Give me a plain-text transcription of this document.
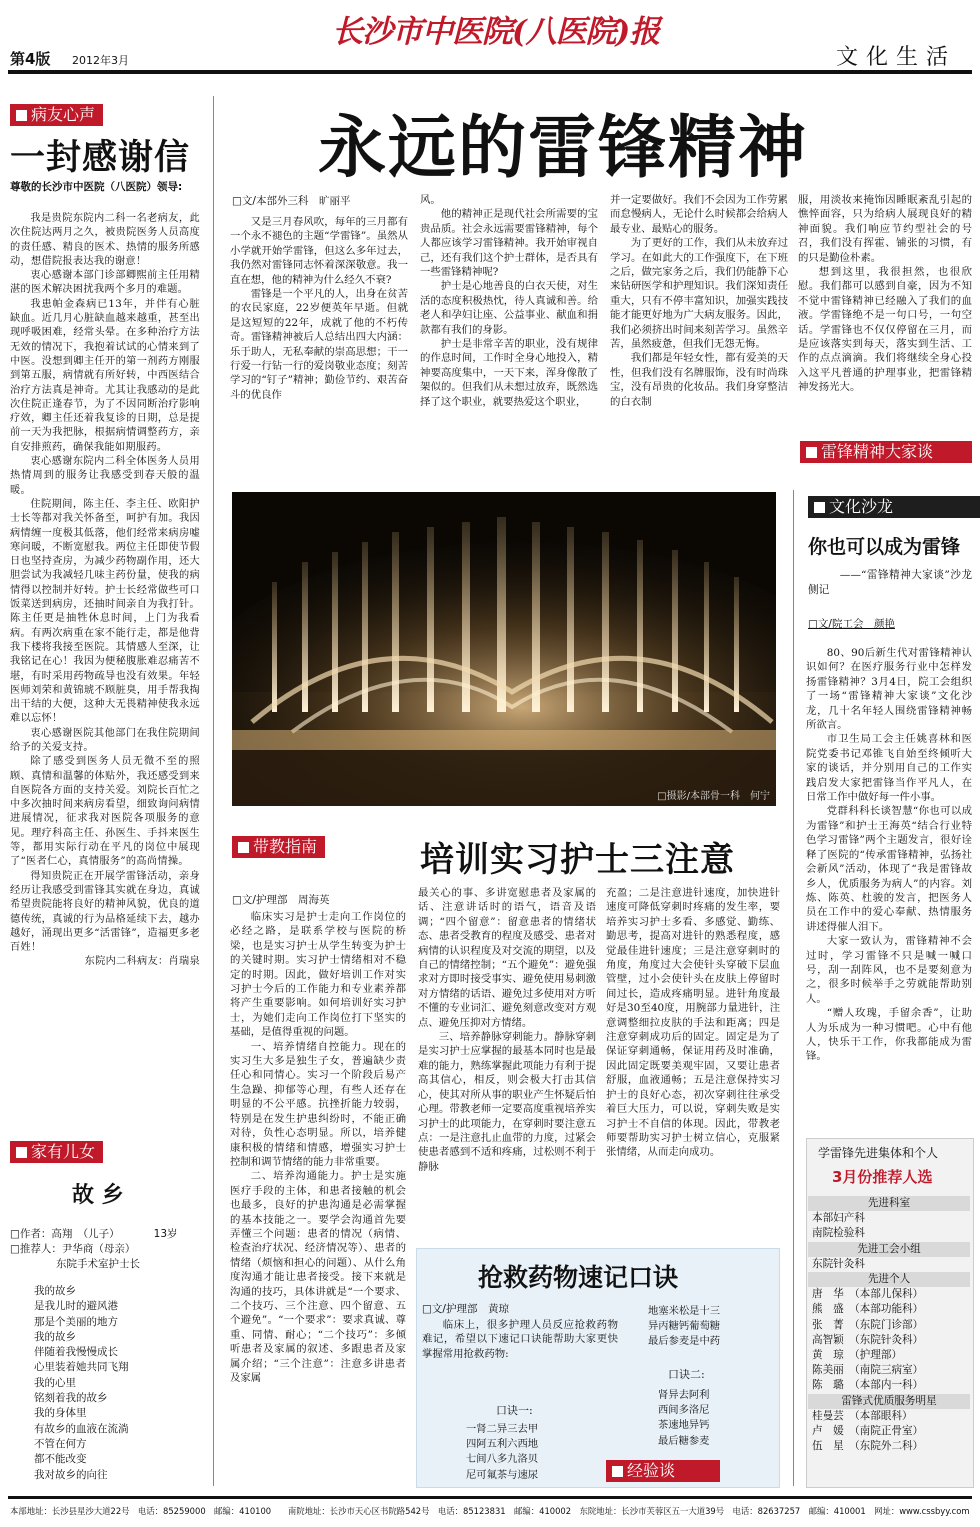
第4版 2012年3月
长沙市中医院(八医院)报
文化生活
病友心声
一封感谢信

尊敬的长沙市中医院（八医院）领导:

我是贵院东院内二科一名老病友，此次住院达两月之久，被贵院医务人员高度的责任感、精良的医术、热情的服务所感动，想借院报表达我的谢意！

衷心感谢本部门诊部卿熙前主任用精湛的医术解决困扰我两个多月的难题。

我患帕金森病已13年，并伴有心脏缺血。近几月心脏缺血越来越重，甚至出现呼吸困难，经常头晕。在多种治疗方法无效的情况下，我抱着试试的心情来到了中医。没想到卿主任开的第一剂药方刚服到第五服，病情就有所好转，中西医结合治疗方法真是神奇。尤其让我感动的是此次住院正逢春节，为了不因同断治疗影响疗效，卿主任还着我复诊的日期，总是提前一天为我把脉，根据病情调整药方，亲自安排煎药，确保我能如期服药。

衷心感谢东院内二科全体医务人员用热情周到的服务让我感受到春天般的温暖。

住院期间，陈主任、李主任、欧阳护士长等都对我关怀备至，呵护有加。我因病情缠一度极其低落，他们经常来病房嘘寒问暖，不断宽慰我。两位主任即使节假日也坚持查房，为减少药物副作用，还大胆尝试为我减轻几味主药份量，使我的病情得以控制并好转。护士长经常做些可口饭菜送到病房，还抽时间亲自为我打针。陈主任更是抽牲休息时间，上门为我看病。有两次病重在家不能行走，都是他背我下楼将我接至医院。其情感人至深，让我铭记在心！我因为便秘腹胀难忍痛苦不堪，有时采用药物疏导也没有效果。年轻医师刘荣和黄锦琥不顾脏臭，用手帮我掏出干结的大便，这种大无畏精神使我永远难以忘怀！

衷心感谢医院其他部门在我住院期间给予的关爱支持。

除了感受到医务人员无微不至的照顾、真情和温馨的体贴外，我还感受到来自医院各方面的支持关爱。刘院长百忙之中多次抽时间来病房看望，细致询问病情进展情况，征求我对医院各项服务的意见。理疗科高主任、孙医生、手抖来医生等，都用实际行动在平凡的岗位中展现了“医者仁心，真情服务”的高尚情操。

得知贵院正在开展学雷锋活动，亲身经历让我感受到雷锋其实就在身边，真诚希望贵院能将良好的精神风貌，优良的道德传统，真诚的行为品格延续下去，越办越好，涌现出更多“活雷锋”，造福更多老百姓！

东院内二科病友：肖瑞泉

家有儿女
故 乡
□作者：高翔　（儿子）	13岁
□推荐人：尹华商（母亲）
东院手术室护士长
我的故乡
是我儿时的避风港
那是个美丽的地方
我的故乡
伴随着我慢慢成长
心里装着她共同飞翔
我的心里
铭刻着我的故乡
我的身体里
有故乡的血液在流淌
不管在何方
都不能改变
我对故乡的向往
永远的雷锋精神
□文/本部外三科　旷丽平

又是三月春风吹，每年的三月都有一个永不褪色的主题“学雷锋”。虽然从小学就开始学雷锋，但这么多年过去，我仍然对雷锋同志怀着深深敬意。我一直在想，他的精神为什么经久不衰?

雷锋是一个平凡的人，出身在贫苦的农民家庭，22岁便英年早逝。但就是这短短的22年，成就了他的不朽传奇。雷锋精神被后人总结出四大内涵：乐于助人，无私奉献的崇高思想；干一行爱一行钻一行的爱岗敬业态度；刻苦学习的“钉子”精神；勤俭节约、艰苦奋斗的优良作

风。

他的精神正是现代社会所需要的宝贵品质。社会永远需要雷锋精神，每个人都应该学习雷锋精神。我开始审视自己，还有我们这个护士群体，是否具有一些雷锋精神呢?

护士是心地善良的白衣天使，对生活的态度积极热忱，待人真诚和善。给老人和孕妇让座、公益事业、献血和捐款都有我们的身影。

护士是非常辛苦的职业，没有规律的作息时间，工作时全身心地投入，精神要高度集中，一天下来，浑身像散了架似的。但我们从未想过放弃，既然选择了这个职业，就要热爱这个职业，

并一定要做好。我们不会因为工作劳累而怠慢病人，无论什么时候都会给病人最专业、最贴心的服务。

为了更好的工作，我们从未放弃过学习。在如此大的工作强度下，在下班之后，做完家务之后，我们仍能静下心来钻研医学和护理知识。我们深知责任重大，只有不停丰富知识，加强实践技能才能更好地为广大病友服务。因此，我们必须挤出时间来刻苦学习。虽然辛苦，虽然疲惫，但我们无怨无悔。

我们都是年轻女性，都有爱美的天性，但我们没有名牌服饰，没有时尚珠宝，没有昂贵的化妆品。我们身穿整洁的白衣制

服，用淡妆来掩饰因睡眠紊乱引起的憔悴面容，只为给病人展现良好的精神面貌。我们响应节约型社会的号召，我们没有挥霍、铺张的习惯，有的只是勤俭朴素。

想到这里，我很担然，也很欣慰。我们都可以感到自豪，因为不知不觉中雷锋精神已经融入了我们的血液。学雷锋绝不是一句口号，一句空话。学雷锋也不仅仅停留在三月，而是应该落实到每天，落实到生活、工作的点点滴滴。我们将继续全身心投入这平凡普通的护理事业，把雷锋精神发扬光大。

雷锋精神大家谈
□摄影/本部骨一科　何宁
带教指南	培训实习护士三注意
□文/护理部　周海英

临床实习是护士走向工作岗位的必经之路，是联系学校与医院的桥梁，也是实习护士从学生转变为护士的关键时期。实习护士情绪相对不稳定的时期。因此，做好培训工作对实习护士今后的工作能力和专业素养都将产生重要影响。如何培训好实习护士，为她们走向工作岗位打下坚实的基础，是值得重视的问题。

一、培养情绪自控能力。现在的实习生大多是独生子女，普遍缺少责任心和同情心。实习一个阶段后易产生急躁、抑郁等心理，有些人还存在明显的不公平感。抗挫折能力较弱，特别是在发生护患纠纷时，不能正确对待，负性心态明显。所以，培养健康积极的情绪和情感，增强实习护士控制和调节情绪的能力非常重要。

二、培养沟通能力。护士是实施医疗手段的主体，和患者接触的机会也最多，良好的护患沟通是必需掌握的基本技能之一。要学会沟通首先要弄懂三个问题：患者的情况（病情、检查治疗状况、经济情况等）、患者的情绪（烦恼和担心的问题）、从什么角度沟通才能让患者接受。接下来就是沟通的技巧，具体讲就是“一个要求、二个技巧、三个注意、四个留意、五个避免”。“一个要求”：要求真诚、尊重、同情、耐心；“二个技巧”：多倾听患者及家属的叙述、多跟患者及家属介绍；“三个注意”：注意多讲患者及家属

最关心的事、多讲宽慰患者及家属的话、注意讲话时的语气，语音及语调；“四个留意”：留意患者的情绪状态、患者受教育的程度及感受、患者对病情的认识程度及对交流的期望，以及自己的情绪控制；“五个避免”：避免强求对方即时接受事实、避免使用易刺激对方情绪的话语、避免过多使用对方听不懂的专业词汇、避免刻意改变对方观点、避免压抑对方情绪。

三、培养静脉穿刺能力。静脉穿刺是实习护士应掌握的最基本同时也是最难的能力，熟练掌握此项能力有利于提高其信心，相反，则会极大打击其信心，使其对所从事的职业产生怀疑后怕心理。带教老师一定要高度重视培养实习护士的此项能力，在穿刺时要注意五点：一是注意扎止血带的力度，过紧会使患者感到不适和疼痛，过松则不利于静脉

充盈；二是注意进针速度，加快进针速度可降低穿刺时疼痛的发生率，要培养实习护士多看、多感觉、勤练、勤思考，提高对进针的熟悉程度，感觉最佳进针速度；三是注意穿刺时的角度，角度过大会使针头穿破下层血管壁，过小会使针头在皮肤上停留时间过长，造成疼痛明显。进针角度最好是30至40度，用腕部力量进针，注意调整细拉皮肤的手法和距离；四是注意穿刺成功后的固定。固定是为了保证穿刺通畅，保证用药及时准确，因此固定既要美观牢固，又要让患者舒服，血液通畅；五是注意保持实习护士的良好心态，初次穿刺往往承受着巨大压力，可以说，穿刺失败是实习护士不自信的体现。因此，带教老师要帮助实习护士树立信心，克服紧张情绪，从而走向成功。

抢救药物速记口诀
□文/护理部　黄琼

临床上，很多护理人员反应抢救药物难记，希望以下速记口诀能帮助大家更快掌握常用抢救药物:

口诀一:
一肾二异三去甲
四阿五利六西地
七间八多九洛贝
尼可氟茶与速尿
地塞米松是十三
异丙糖钙葡萄糖
最后参麦是中药
口诀二:
肾异去阿利
西间多洛尼
茶速地异钙
最后糖参麦
经验谈
文化沙龙
你也可以成为雷锋

——“雷锋精神大家谈”沙龙侧记

□文/院工会　颜艳

80、90后新生代对雷锋精神认识如何？在医疗服务行业中怎样发扬雷锋精神？3月4日，院工会组织了一场“雷锋精神大家谈”文化沙龙，几十名年轻人围绕雷锋精神畅所欲言。

市卫生局工会主任姚喜林和医院党委书记邓锥飞自始至终倾听大家的谈话，并分别用自己的工作实践启发大家把雷锋当作平凡人，在日常工作中做好每一件小事。

党群科科长谈智慧“你也可以成为雷锋”和护士王海英“结合行业特色学习雷锋”两个主题发言，很好诠释了医院的“传承雷锋精神，弘扬社会新风”活动，体现了“我是雷锋故乡人，优质服务为病人”的内容。刘炼、陈英、杜骏的发言，把医务人员在工作中的爱心奉献、热情服务讲述得催人泪下。

大家一致认为，雷锋精神不会过时，学习雷锋不只是喊一喊口号，刮一刮阵风，也不是要刻意为之，很多时候举手之劳就能帮助别人。

“赠人玫瑰，手留余香”，让助人为乐成为一种习惯吧。心中有他人，快乐干工作，你我都能成为雷锋。

学雷锋先进集体和个人
3月份推荐人选
先进科室
本部妇产科
南院检验科
先进工会小组
东院针灸科
先进个人
唐　华　（本部儿保科）
熊　盛　（本部功能科）
张　菁　（东院门诊部）
高智颖　（东院针灸科）
黄　琼　（护理部）
陈美丽　（南院三病室）
陈　璐　（本部内一科）
雷锋式优质服务明星
桂曼芸　（本部眼科）
卢　媛　（南院正骨室）
伍　星　（东院外二科）
本部地址：长沙县星沙大道22号　电话：85259000　邮编：410100　　南院地址：长沙市天心区书院路542号　电话：85123831　邮编：410002　东院地址：长沙市芙蓉区五一大道39号　电话：82637257　邮编：410001　网址：www.cssbyy.com
